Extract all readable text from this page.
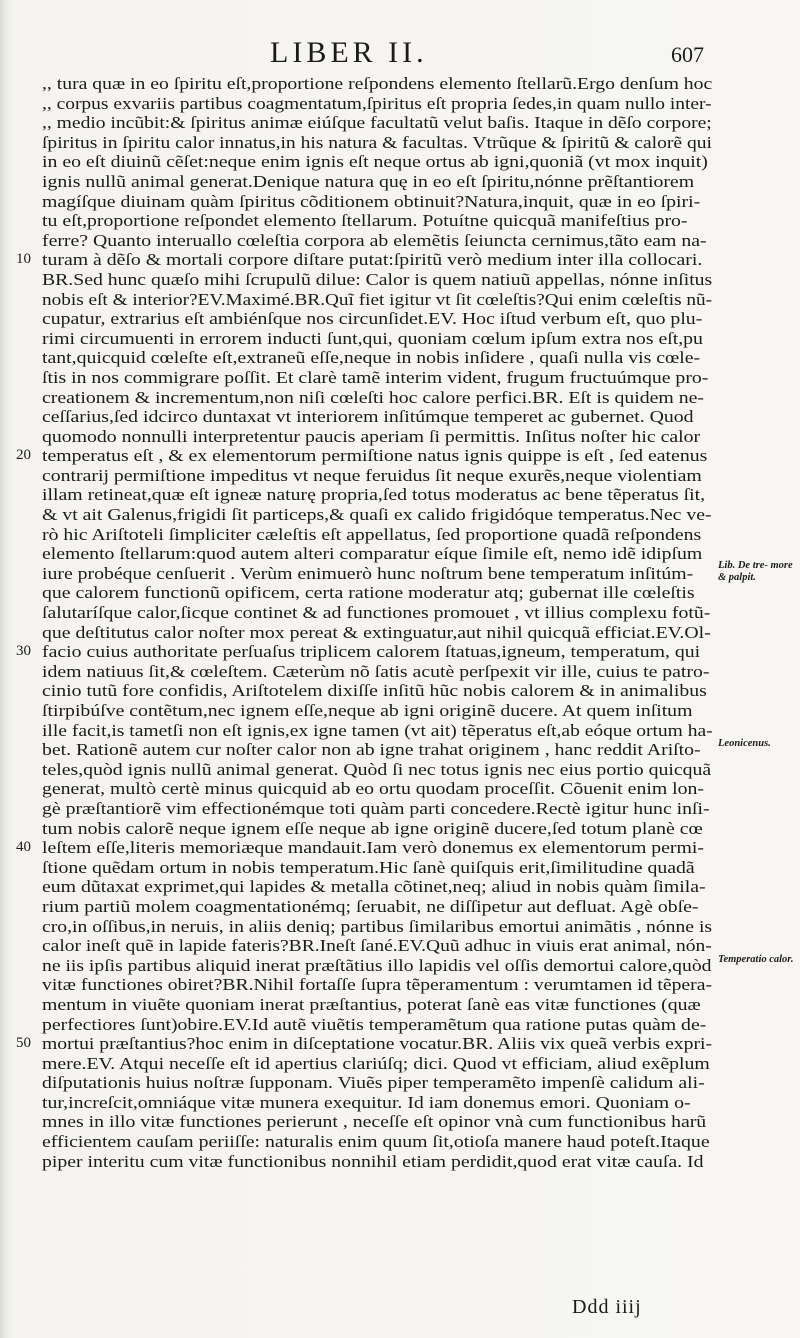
LIBER II.	607
,, tura quæ in eo ſpiritu eſt,proportione reſpondens elemento ſtellarũ.Ergo denſum hoc
,, corpus exvariis partibus coagmentatum,ſpiritus eſt propria ſedes,in quam nullo inter-
,, medio incũbit:& ſpiritus animæ eiúſque facultatũ velut baſis. Itaque in dẽſo corpore;
ſpiritus in ſpiritu calor innatus,in his natura & facultas. Vtrũque & ſpiritũ & calorẽ qui
in eo eſt diuinũ cẽſet:neque enim ignis eſt neque ortus ab igni,quoniã (vt mox inquit)
ignis nullũ animal generat.Denique natura quę in eo eſt ſpiritu,nónne prẽſtantiorem
magíſque diuinam quàm ſpiritus cõditionem obtinuit?Natura,inquit, quæ in eo ſpiri-
tu eſt,proportione reſpondet elemento ſtellarum. Potuítne quicquã manifeſtius pro-
ferre? Quanto interuallo cœleſtia corpora ab elemẽtis ſeiuncta cernimus,tãto eam na-
10 turam à dẽſo & mortali corpore diſtare putat:ſpiritũ verò medium inter illa collocari.
BR.Sed hunc quæſo mihi ſcrupulũ dilue: Calor is quem natiuũ appellas, nónne inſitus
nobis eſt & interior?EV.Maximé.BR.Quĩ fiet igitur vt ſit cœleſtis?Qui enim cœleſtis nũ-
cupatur, extrarius eſt ambiénſque nos circunſidet.EV. Hoc iſtud verbum eſt, quo plu-
rimi circumuenti in errorem inducti ſunt,qui, quoniam cœlum ipſum extra nos eſt,pu
tant,quicquid cœleſte eſt,extraneũ eſſe,neque in nobis inſidere , quaſi nulla vis cœle-
ſtis in nos commigrare poſſit. Et clarè tamẽ interim vident, frugum fructuúmque pro-
creationem & incrementum,non niſi cœleſti hoc calore perfici.BR. Eſt is quidem ne-
ceſſarius,ſed idcirco duntaxat vt interiorem inſitúmque temperet ac gubernet. Quod
quomodo nonnulli interpretentur paucis aperiam ſi permittis. Inſitus noſter hic calor
20 temperatus eſt , & ex elementorum permiſtione natus ignis quippe is eſt , ſed eatenus
contrarij permiſtione impeditus vt neque feruidus ſit neque exurẽs,neque violentiam
illam retineat,quæ eſt igneæ naturę propria,ſed totus moderatus ac bene tẽperatus ſit,
& vt ait Galenus,frigidi ſit particeps,& quaſi ex calido frigidóque temperatus.Nec ve-
rò hic Ariſtoteli ſimpliciter cæleſtis eſt appellatus, ſed proportione quadã reſpondens
elemento ſtellarum:quod autem alteri comparatur eíque ſimile eſt, nemo idẽ idipſum
iure probéque cenſuerit . Verùm enimuerò hunc noſtrum bene temperatum inſitúm-
que calorem functionũ opificem, certa ratione moderatur atq; gubernat ille cœleſtis
ſalutaríſque calor,ſicque continet & ad functiones promouet , vt illius complexu fotũ-
que deſtitutus calor noſter mox pereat & extinguatur,aut nihil quicquã efficiat.EV.Ol-
30 facio cuius authoritate perſuaſus triplicem calorem ſtatuas,igneum, temperatum, qui
idem natiuus ſit,& cœleſtem. Cæterùm nõ ſatis acutè perſpexit vir ille, cuius te patro-
cinio tutũ fore confidis, Ariſtotelem dixiſſe inſitũ hũc nobis calorem & in animalibus
ſtirpibúſve contẽtum,nec ignem eſſe,neque ab igni originẽ ducere. At quem inſitum
ille facit,is tametſi non eſt ignis,ex igne tamen (vt ait) tẽperatus eſt,ab eóque ortum ha-
bet. Rationẽ autem cur noſter calor non ab igne trahat originem , hanc reddit Ariſto-
teles,quòd ignis nullũ animal generat. Quòd ſi nec totus ignis nec eius portio quicquã
generat, multò certè minus quicquid ab eo ortu quodam proceſſit. Cõuenit enim lon-
gè præſtantiorẽ vim effectionémque toti quàm parti concedere.Rectè igitur hunc inſi-
tum nobis calorẽ neque ignem eſſe neque ab igne originẽ ducere,ſed totum planè cœ
40 leſtem eſſe,literis memoriæque mandauit.Iam verò donemus ex elementorum permi-
ſtione quẽdam ortum in nobis temperatum.Hic ſanè quiſquis erit,ſimilitudine quadã
eum dũtaxat exprimet,qui lapides & metalla cõtinet,neq; aliud in nobis quàm ſimila-
rium partiũ molem coagmentationémq; ſeruabit, ne diſſipetur aut defluat. Agè obſe-
cro,in oſſibus,in neruis, in aliis deniq; partibus ſimilaribus emortui animãtis , nónne is
calor ineſt quẽ in lapide fateris?BR.Ineſt ſané.EV.Quũ adhuc in viuis erat animal, nón-
ne iis ipſis partibus aliquid inerat præſtãtius illo lapidis vel oſſis demortui calore,quòd
vitæ functiones obiret?BR.Nihil fortaſſe ſupra tẽperamentum : verumtamen id tẽpera-
mentum in viuẽte quoniam inerat præſtantius, poterat ſanè eas vitæ functiones (quæ
perfectiores ſunt)obire.EV.Id autẽ viuẽtis temperamẽtum qua ratione putas quàm de-
50 mortui præſtantius?hoc enim in diſceptatione vocatur.BR. Aliis vix queã verbis expri-
mere.EV. Atqui neceſſe eſt id apertius clariúſq; dici. Quod vt efficiam, aliud exẽplum
diſputationis huius noſtræ ſupponam. Viuẽs piper temperamẽto impenſè calidum ali-
tur,increſcit,omniáque vitæ munera exequitur. Id iam donemus emori. Quoniam o-
mnes in illo vitæ functiones perierunt , neceſſe eſt opinor vnà cum functionibus harũ
efficientem cauſam periiſſe: naturalis enim quum ſit,otioſa manere haud poteſt.Itaque
piper interitu cum vitæ functionibus nonnihil etiam perdidit,quod erat vitæ cauſa. Id
Lib. De tre- more & palpit.
Leonicenus.
Temperatio calor.
Ddd iiij
